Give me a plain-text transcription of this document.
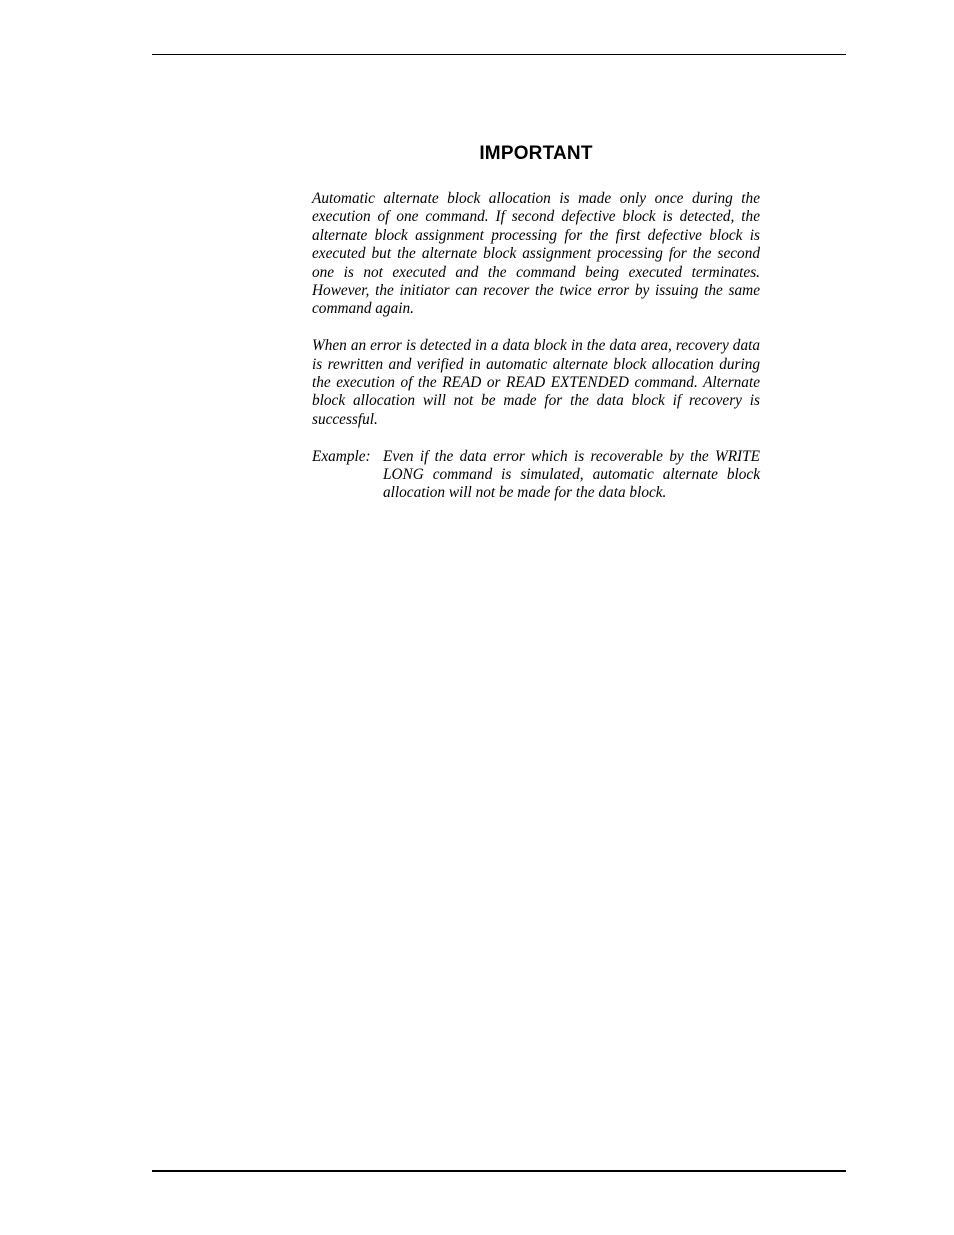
IMPORTANT

Automatic alternate block allocation is made only once during the execution of one command. If second defective block is detected, the alternate block assignment processing for the first defective block is executed but the alternate block assignment processing for the second one is not executed and the command being executed terminates. However, the initiator can recover the twice error by issuing the same command again.

When an error is detected in a data block in the data area, recovery data is rewritten and verified in automatic alternate block allocation during the execution of the READ or READ EXTENDED command. Alternate block allocation will not be made for the data block if recovery is successful.

Example: Even if the data error which is recoverable by the WRITE LONG command is simulated, automatic alternate block allocation will not be made for the data block.
